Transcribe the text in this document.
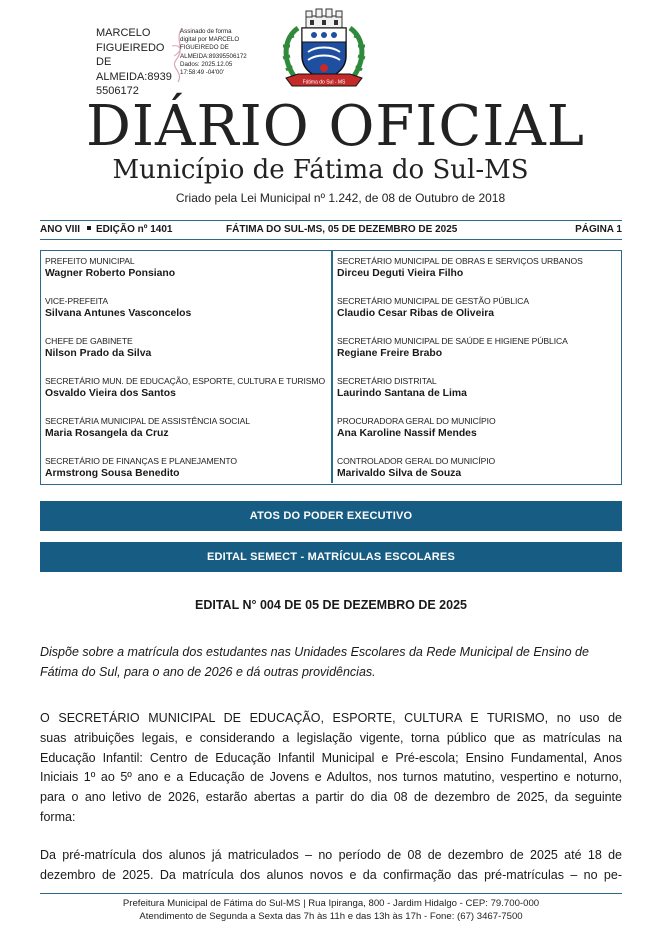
MARCELO
FIGUEIREDO DE
ALMEIDA:8939
5506172
Assinado de forma
digital por MARCELO
FIGUEIREDO DE
ALMEIDA:89395506172
Dados: 2025.12.05
17:58:49 -04'00'
Fátima do Sul - MS
DIÁRIO OFICIAL
Município de Fátima do Sul-MS
Criado pela Lei Municipal nº 1.242, de 08 de Outubro de 2018
ANO VIII EDIÇÃO nº 1401	FÁTIMA DO SUL-MS, 05 DE DEZEMBRO DE 2025	PÁGINA 1
PREFEITO MUNICIPAL
Wagner Roberto Ponsiano
VICE-PREFEITA
Silvana Antunes Vasconcelos
CHEFE DE GABINETE
Nilson Prado da Silva
SECRETÁRIO MUN. DE EDUCAÇÃO, ESPORTE, CULTURA E TURISMO
Osvaldo Vieira dos Santos
SECRETÁRIA MUNICIPAL DE ASSISTÊNCIA SOCIAL
Maria Rosangela da Cruz
SECRETÁRIO DE FINANÇAS E PLANEJAMENTO
Armstrong Sousa Benedito
SECRETÁRIO MUNICIPAL DE OBRAS E SERVIÇOS URBANOS
Dirceu Deguti Vieira Filho
SECRETÁRIO MUNICIPAL DE GESTÃO PÚBLICA
Claudio Cesar Ribas de Oliveira
SECRETÁRIO MUNICIPAL DE SAÚDE E HIGIENE PÚBLICA
Regiane Freire Brabo
SECRETÁRIO DISTRITAL
Laurindo Santana de Lima
PROCURADORA GERAL DO MUNICÍPIO
Ana Karoline Nassif Mendes
CONTROLADOR GERAL DO MUNICÍPIO
Marivaldo Silva de Souza
ATOS DO PODER EXECUTIVO
EDITAL SEMECT - MATRÍCULAS ESCOLARES
EDITAL N° 004 DE 05 DE DEZEMBRO DE 2025
Dispõe sobre a matrícula dos estudantes nas Unidades Escolares da Rede Municipal de Ensino de
Fátima do Sul, para o ano de 2026 e dá outras providências.
O SECRETÁRIO MUNICIPAL DE EDUCAÇÃO, ESPORTE, CULTURA E TURISMO, no uso de
suas atribuições legais, e considerando a legislação vigente, torna público que as matrículas na
Educação Infantil: Centro de Educação Infantil Municipal e Pré-escola; Ensino Fundamental, Anos
Iniciais 1º ao 5º ano e a Educação de Jovens e Adultos, nos turnos matutino, vespertino e noturno,
para o ano letivo de 2026, estarão abertas a partir do dia 08 de dezembro de 2025, da seguinte
forma:
Da pré-matrícula dos alunos já matriculados – no período de 08 de dezembro de 2025 até 18 de
dezembro de 2025. Da matrícula dos alunos novos e da confirmação das pré-matrículas – no pe-
Prefeitura Municipal de Fátima do Sul-MS | Rua Ipiranga, 800 - Jardim Hidalgo - CEP: 79.700-000
Atendimento de Segunda a Sexta das 7h às 11h e das 13h às 17h - Fone: (67) 3467-7500
